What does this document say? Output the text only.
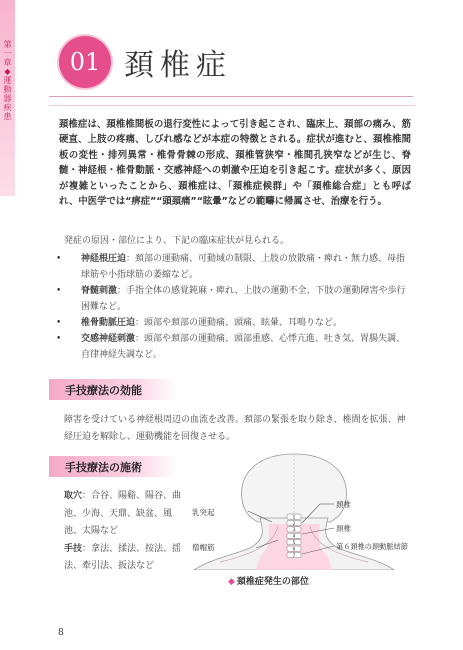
第
一
章
◆
運
動
器
疾
患
01 頚椎症
頚椎症は、頚椎椎間板の退行変性によって引き起こされ、臨床上、頚部の痛み、筋硬直、上肢の疼痛、しびれ感などが本症の特徴とされる。症状が進むと、頚椎椎間板の変性・排列異常・椎骨骨棘の形成、頚椎管狭窄・椎間孔狭窄などが生じ、脊髄・神経根・椎骨動脈・交感神経への刺激や圧迫を引き起こす。症状が多く、原因が複雑といったことから、頚椎症は、「頚椎症候群」や「頚椎総合症」とも呼ばれ、中医学では“痹症”“頭頚痛”“眩暈”などの範疇に帰属させ、治療を行う。

発症の原因・部位により、下記の臨床症状が見られる。

• 神経根圧迫：頚部の運動痛、可動域の制限、上肢の放散痛・痺れ・無力感、母指球筋や小指球筋の萎縮など。
• 脊髄刺激：手指全体の感覚鈍麻・痺れ、上肢の運動不全、下肢の運動障害や歩行困難など。
• 椎骨動脈圧迫：頭部や頚部の運動痛、頭痛、眩暈、耳鳴りなど。
• 交感神経刺激：頭部や頚部の運動痛、頭部重感、心悸亢進、吐き気、胃腸失調、自律神経失調など。
手技療法の効能
障害を受けている神経根周辺の血流を改善。頚部の緊張を取り除き、椎間を拡張、神経圧迫を解除し、運動機能を回復させる。
手技療法の施術
取穴：合谷、陽谿、陽谷、曲池、少海、天鼎、缺盆、風池、太陽など
手技：拿法、揉法、按法、揺法、牽引法、扳法など
1
2
3
4
5
6
7
乳突起
頚椎
頚椎
僧帽筋	第６頚椎の頚動脈結節
◆ 頚椎症発生の部位
8
